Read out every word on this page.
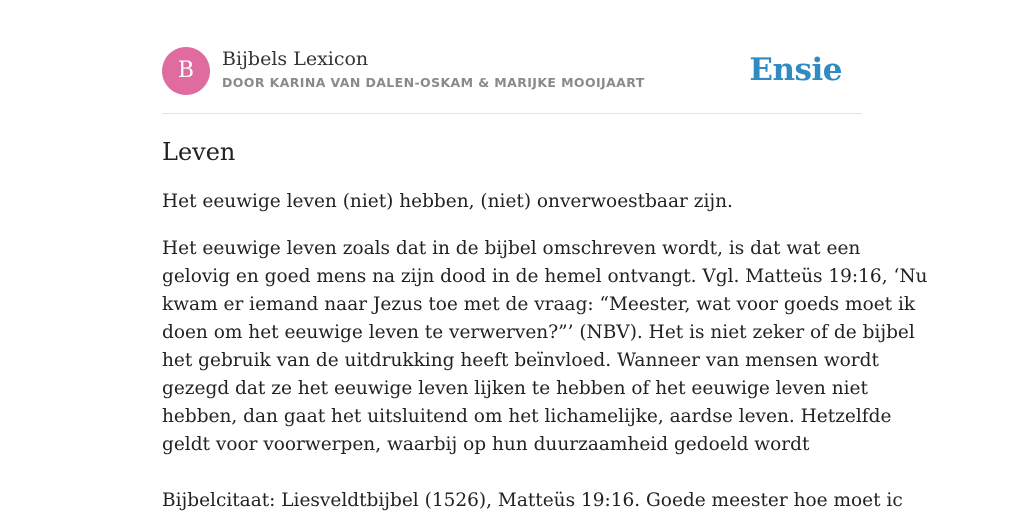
B	Bijbels Lexicon
DOOR KARINA VAN DALEN-OSKAM & MARIJKE MOOIJAART	Ensie
Leven

Het eeuwige leven (niet) hebben, (niet) onverwoestbaar zijn.

Het eeuwige leven zoals dat in de bijbel omschreven wordt, is dat wat een
gelovig en goed mens na zijn dood in de hemel ontvangt. Vgl. Matteüs 19:16, ‘Nu
kwam er iemand naar Jezus toe met de vraag: “Meester, wat voor goeds moet ik
doen om het eeuwige leven te verwerven?”’ (NBV). Het is niet zeker of de bijbel
het gebruik van de uitdrukking heeft beïnvloed. Wanneer van mensen wordt
gezegd dat ze het eeuwige leven lijken te hebben of het eeuwige leven niet
hebben, dan gaat het uitsluitend om het lichamelijke, aardse leven. Hetzelfde
geldt voor voorwerpen, waarbij op hun duurzaamheid gedoeld wordt
Bijbelcitaat: Liesveldtbijbel (1526), Matteüs 19:16. Goede meester hoe moet ic
